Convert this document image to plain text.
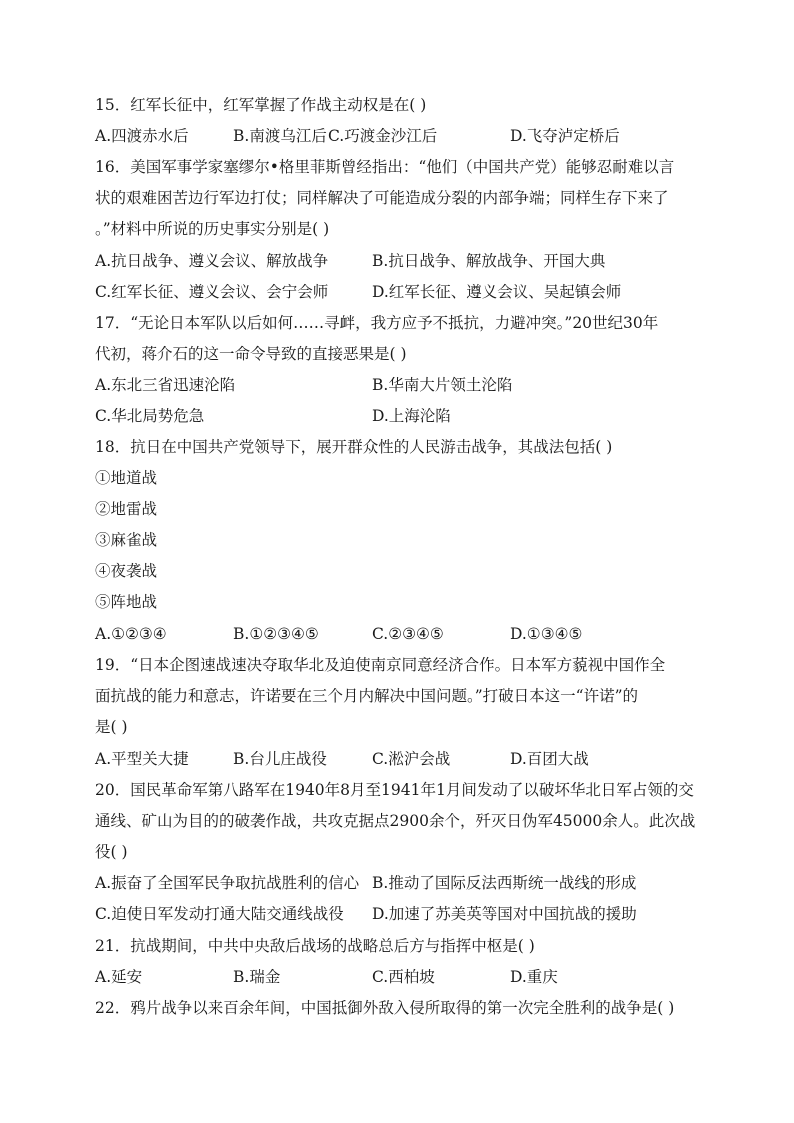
15．红军长征中，红军掌握了作战主动权是在( )
A.四渡赤水后	B.南渡乌江后 C.巧渡金沙江后	D.飞夺泸定桥后
16．美国军事学家塞缪尔•格里菲斯曾经指出：“他们（中国共产党）能够忍耐难以言
状的艰难困苦边行军边打仗；同样解决了可能造成分裂的内部争端；同样生存下来了
。”材料中所说的历史事实分别是( )
A.抗日战争、遵义会议、解放战争	B.抗日战争、解放战争、开国大典
C.红军长征、遵义会议、会宁会师	D.红军长征、遵义会议、吴起镇会师
17．“无论日本军队以后如何……寻衅，我方应予不抵抗，力避冲突。”20世纪30年
代初，蒋介石的这一命令导致的直接恶果是( )
A.东北三省迅速沦陷	B.华南大片领土沦陷
C.华北局势危急	D.上海沦陷
18．抗日在中国共产党领导下，展开群众性的人民游击战争，其战法包括( )
①地道战
②地雷战
③麻雀战
④夜袭战
⑤阵地战
A.①②③④	B.①②③④⑤	C.②③④⑤	D.①③④⑤
19．“日本企图速战速决夺取华北及迫使南京同意经济合作。日本军方藐视中国作全
面抗战的能力和意志，许诺要在三个月内解决中国问题。”打破日本这一“许诺”的
是( )
A.平型关大捷	B.台儿庄战役	C.淞沪会战	D.百团大战
20．国民革命军第八路军在1940年8月至1941年1月间发动了以破坏华北日军占领的交
通线、矿山为目的的破袭作战，共攻克据点2900余个，歼灭日伪军45000余人。此次战
役( )
A.振奋了全国军民争取抗战胜利的信心 B.推动了国际反法西斯统一战线的形成
C.迫使日军发动打通大陆交通线战役 D.加速了苏美英等国对中国抗战的援助
21．抗战期间，中共中央敌后战场的战略总后方与指挥中枢是( )
A.延安	B.瑞金	C.西柏坡	D.重庆
22．鸦片战争以来百余年间，中国抵御外敌入侵所取得的第一次完全胜利的战争是( )
